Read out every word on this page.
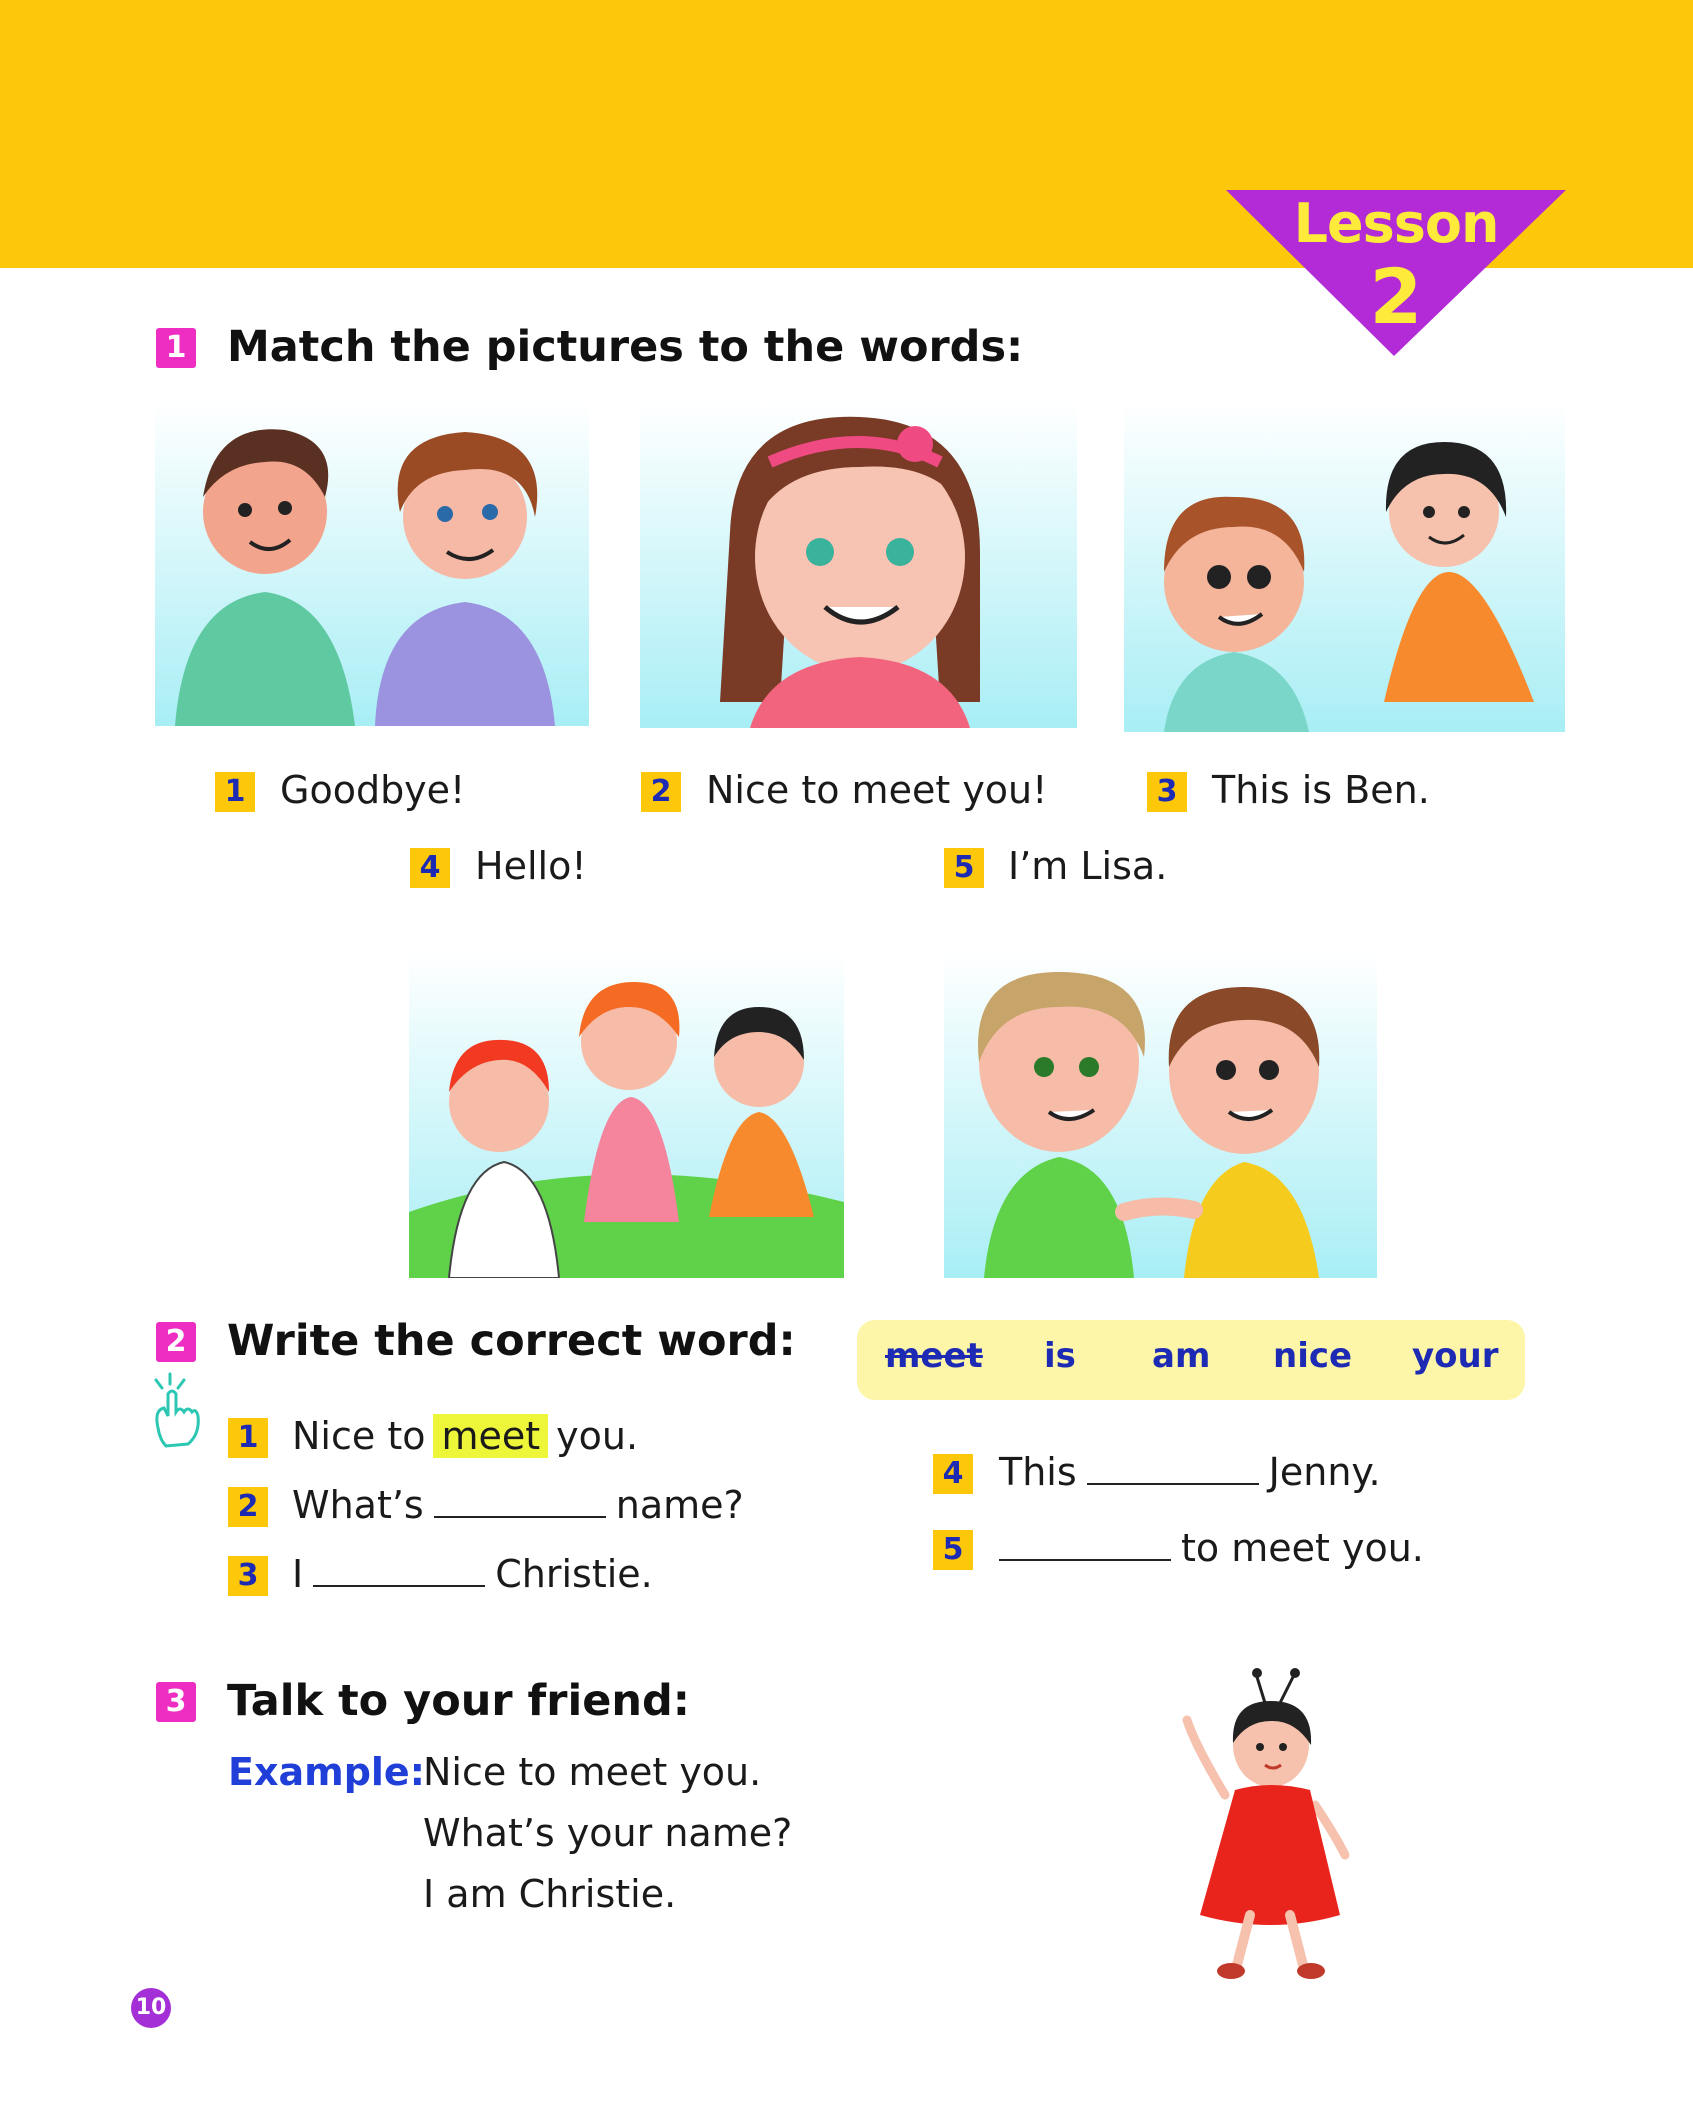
Lesson
2
1 Match the pictures to the words:
1 Goodbye!	2 Nice to meet you!	3 This is Ben.
4 Hello!	5 I’m Lisa.
2 Write the correct word:	meet is am nice your
1 Nice to meet you.
2 What’s	name?
3 I	Christie.
4 This	Jenny.
5	to meet you.
3 Talk to your friend:
Example:
Nice to meet you.
What’s your name?
I am Christie.
10
